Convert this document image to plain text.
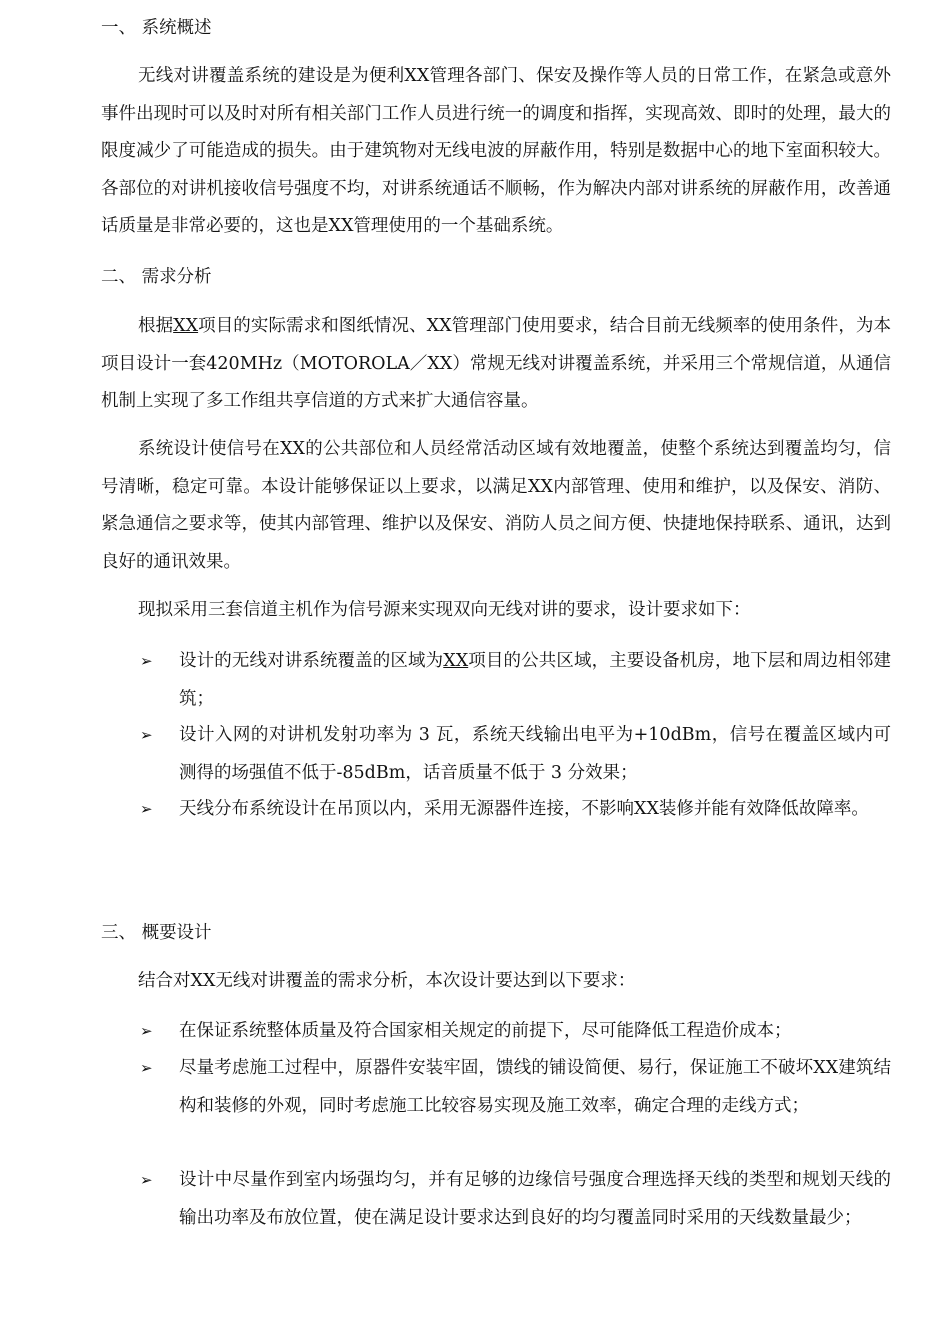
一、 系统概述
无线对讲覆盖系统的建设是为便利XX管理各部门、保安及操作等人员的日常工作，在紧急或意外事件出现时可以及时对所有相关部门工作人员进行统一的调度和指挥，实现高效、即时的处理，最大的限度减少了可能造成的损失。由于建筑物对无线电波的屏蔽作用，特别是数据中心的地下室面积较大。各部位的对讲机接收信号强度不均，对讲系统通话不顺畅，作为解决内部对讲系统的屏蔽作用，改善通话质量是非常必要的，这也是XX管理使用的一个基础系统。
二、 需求分析
根据XX项目的实际需求和图纸情况、XX管理部门使用要求，结合目前无线频率的使用条件，为本项目设计一套420MHz（MOTOROLA／XX）常规无线对讲覆盖系统，并采用三个常规信道，从通信机制上实现了多工作组共享信道的方式来扩大通信容量。
系统设计使信号在XX的公共部位和人员经常活动区域有效地覆盖，使整个系统达到覆盖均匀，信号清晰，稳定可靠。本设计能够保证以上要求，以满足XX内部管理、使用和维护，以及保安、消防、紧急通信之要求等，使其内部管理、维护以及保安、消防人员之间方便、快捷地保持联系、通讯，达到良好的通讯效果。
现拟采用三套信道主机作为信号源来实现双向无线对讲的要求，设计要求如下：
➢	设计的无线对讲系统覆盖的区域为XX项目的公共区域，主要设备机房，地下层和周边相邻建筑；
➢	设计入网的对讲机发射功率为 3 瓦，系统天线输出电平为+10dBm，信号在覆盖区域内可测得的场强值不低于-85dBm，话音质量不低于 3 分效果；
➢	天线分布系统设计在吊顶以内，采用无源器件连接，不影响XX装修并能有效降低故障率。
三、 概要设计
结合对XX无线对讲覆盖的需求分析，本次设计要达到以下要求：
➢	在保证系统整体质量及符合国家相关规定的前提下，尽可能降低工程造价成本；
➢	尽量考虑施工过程中，原器件安装牢固，馈线的铺设简便、易行，保证施工不破坏XX建筑结构和装修的外观，同时考虑施工比较容易实现及施工效率，确定合理的走线方式；
➢	设计中尽量作到室内场强均匀，并有足够的边缘信号强度合理选择天线的类型和规划天线的输出功率及布放位置，使在满足设计要求达到良好的均匀覆盖同时采用的天线数量最少；
